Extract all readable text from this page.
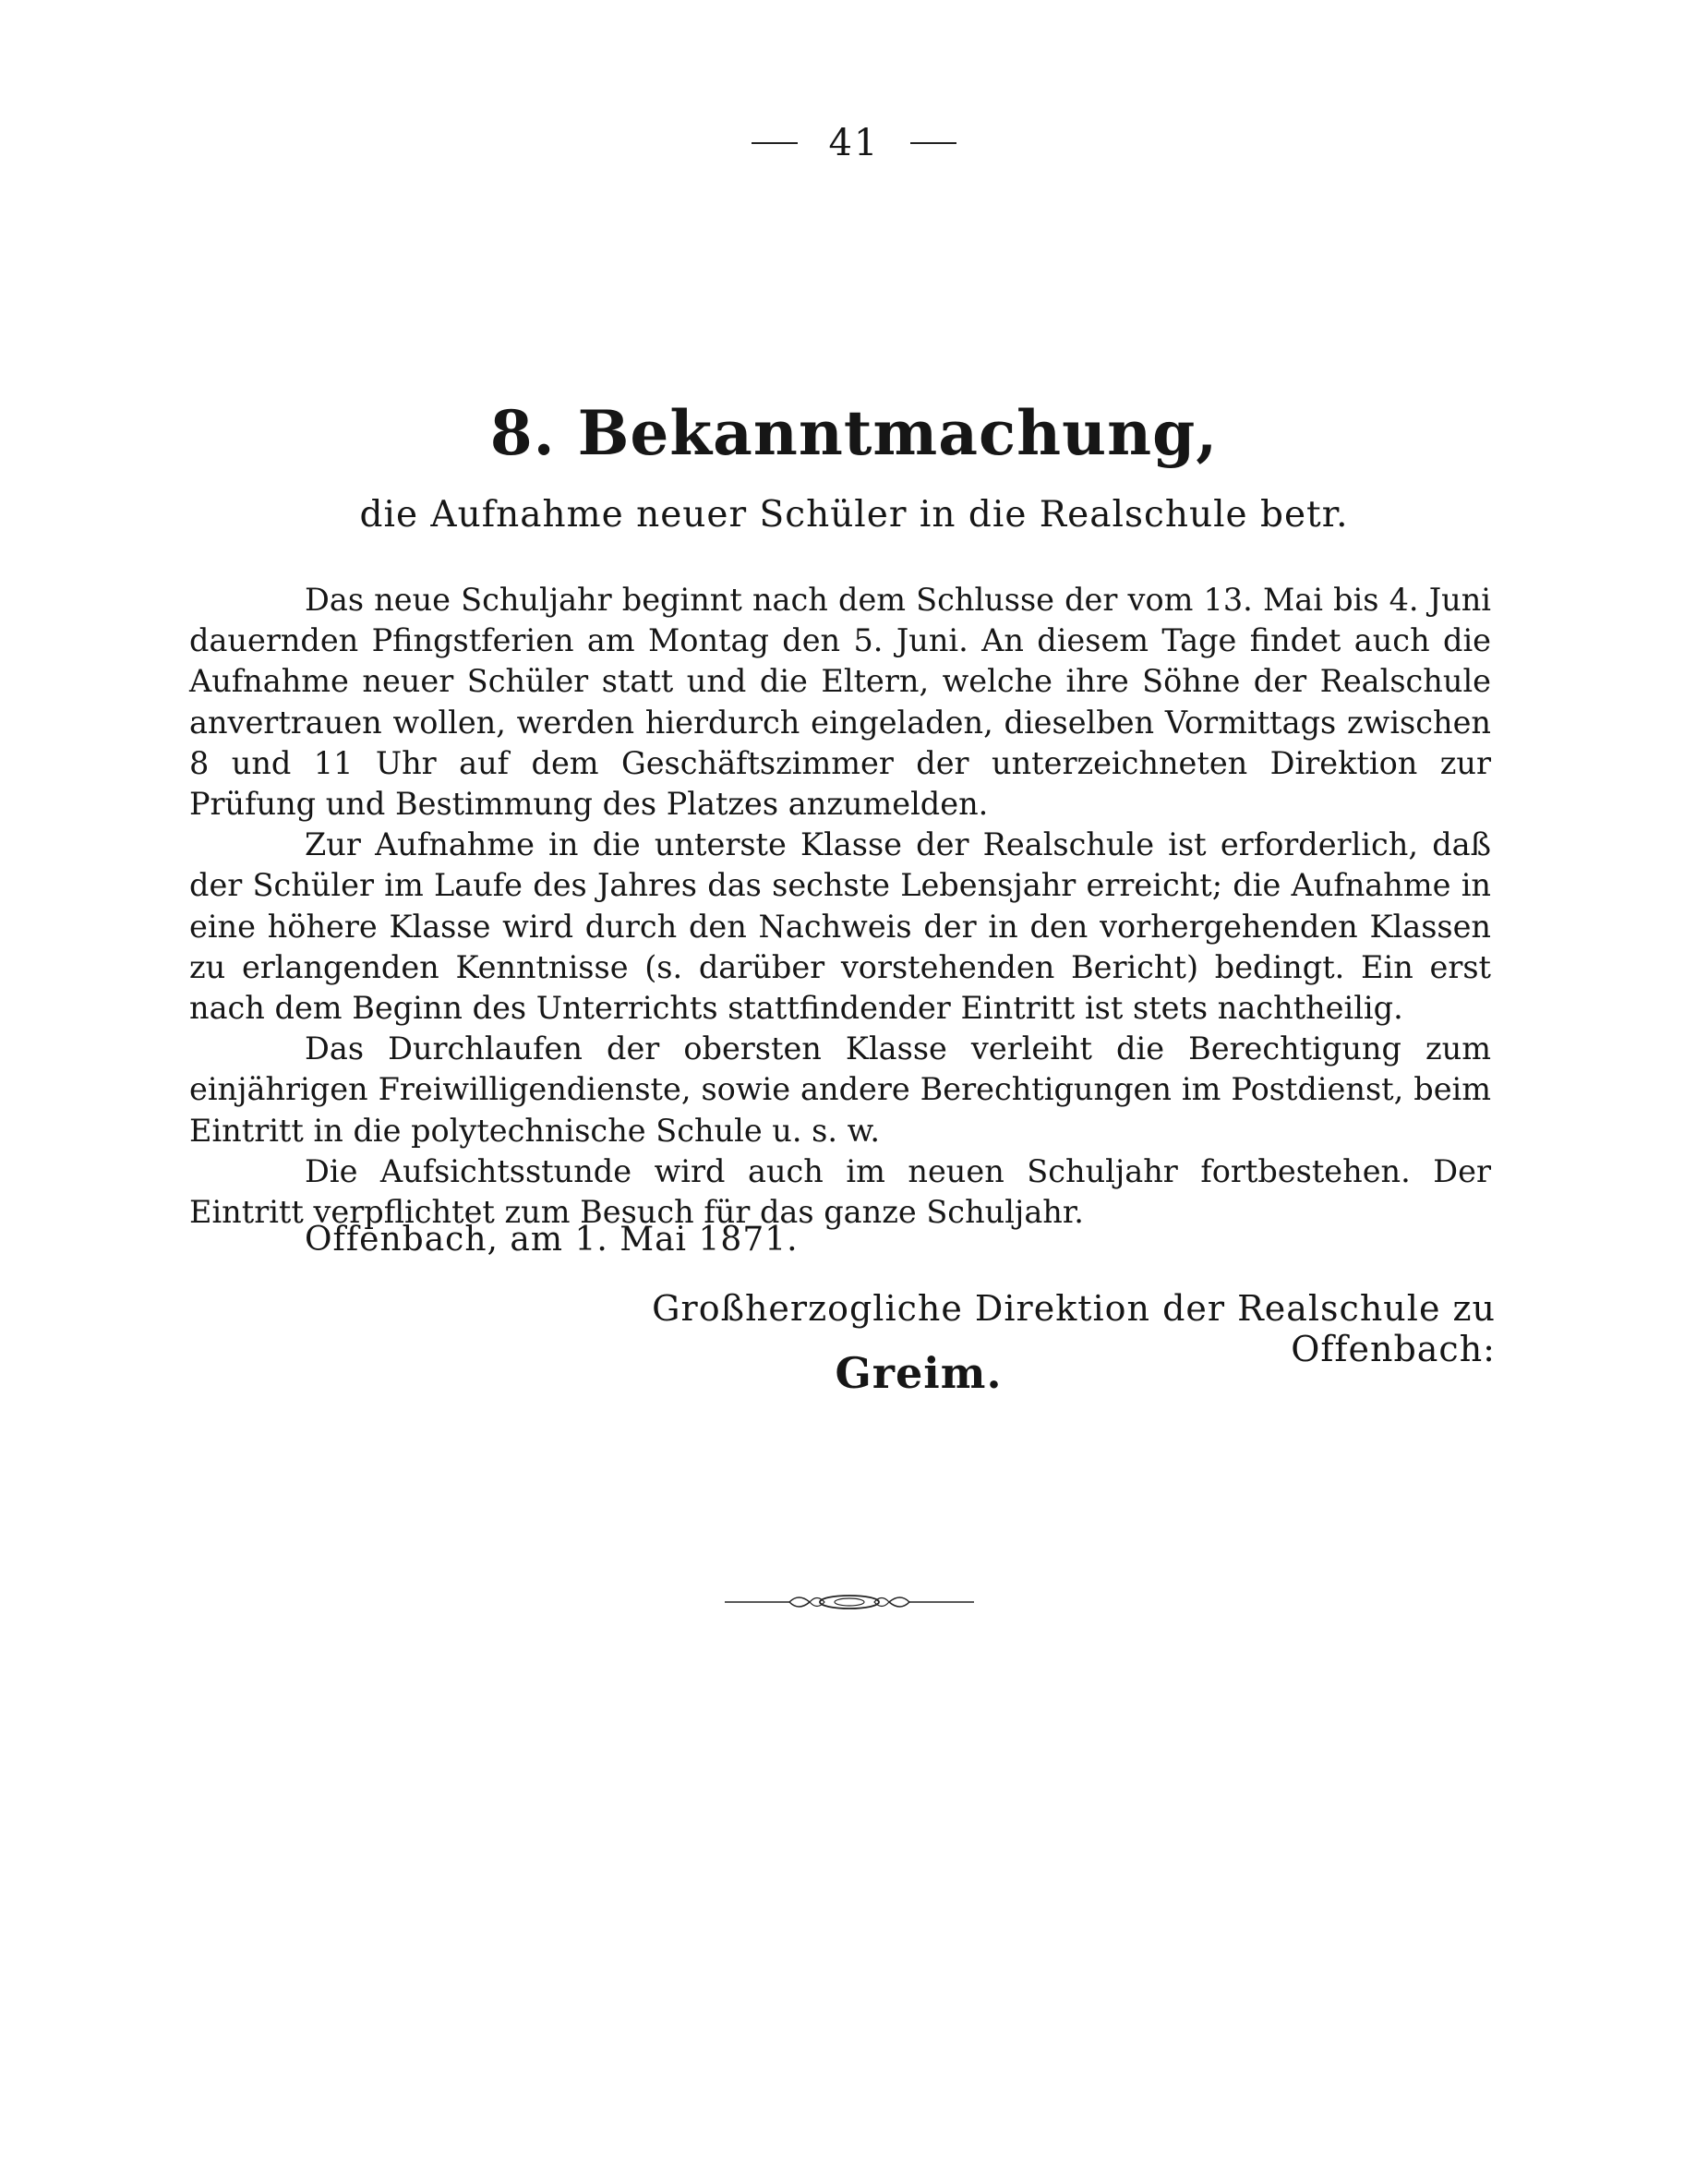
41
8. Bekanntmachung,
die Aufnahme neuer Schüler in die Realschule betr.

Das neue Schuljahr beginnt nach dem Schlusse der vom 13. Mai bis 4. Juni dauernden Pfingstferien am Montag den 5. Juni. An diesem Tage findet auch die Aufnahme neuer Schüler statt und die Eltern, welche ihre Söhne der Realschule anvertrauen wollen, werden hierdurch eingeladen, dieselben Vormittags zwischen 8 und 11 Uhr auf dem Geschäftszimmer der unterzeichneten Direktion zur Prüfung und Bestimmung des Platzes anzumelden.

Zur Aufnahme in die unterste Klasse der Realschule ist erforderlich, daß der Schüler im Laufe des Jahres das sechste Lebensjahr erreicht; die Aufnahme in eine höhere Klasse wird durch den Nachweis der in den vorhergehenden Klassen zu erlangenden Kenntnisse (s. darüber vorstehenden Bericht) bedingt. Ein erst nach dem Beginn des Unterrichts stattfindender Eintritt ist stets nachtheilig.

Das Durchlaufen der obersten Klasse verleiht die Berechtigung zum einjährigen Freiwilligendienste, sowie andere Berechtigungen im Postdienst, beim Eintritt in die polytechnische Schule u. s. w.

Die Aufsichtsstunde wird auch im neuen Schuljahr fortbestehen. Der Eintritt verpflichtet zum Besuch für das ganze Schuljahr.

Offenbach, am 1. Mai 1871.
Großherzogliche Direktion der Realschule zu Offenbach:
Greim.
